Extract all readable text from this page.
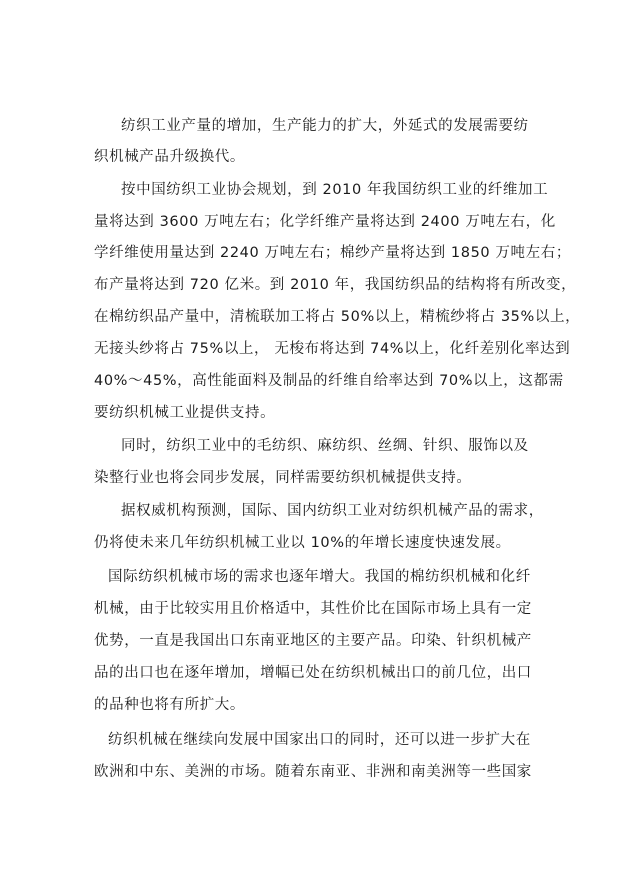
纺织工业产量的增加，生产能力的扩大，外延式的发展需要纺
织机械产品升级换代。
按中国纺织工业协会规划，到 2010 年我国纺织工业的纤维加工
量将达到 3600 万吨左右；化学纤维产量将达到 2400 万吨左右，化
学纤维使用量达到 2240 万吨左右；棉纱产量将达到 1850 万吨左右；
布产量将达到 720 亿米。到 2010 年，我国纺织品的结构将有所改变，
在棉纺织品产量中，清梳联加工将占 50%以上，精梳纱将占 35%以上，
无接头纱将占 75%以上， 无梭布将达到 74%以上，化纤差别化率达到
40%～45%，高性能面料及制品的纤维自给率达到 70%以上，这都需
要纺织机械工业提供支持。
同时，纺织工业中的毛纺织、麻纺织、丝绸、针织、服饰以及
染整行业也将会同步发展，同样需要纺织机械提供支持。
据权威机构预测，国际、国内纺织工业对纺织机械产品的需求，
仍将使未来几年纺织机械工业以 10%的年增长速度快速发展。
国际纺织机械市场的需求也逐年增大。我国的棉纺织机械和化纤
机械，由于比较实用且价格适中，其性价比在国际市场上具有一定
优势，一直是我国出口东南亚地区的主要产品。印染、针织机械产
品的出口也在逐年增加，增幅已处在纺织机械出口的前几位，出口
的品种也将有所扩大。
纺织机械在继续向发展中国家出口的同时，还可以进一步扩大在
欧洲和中东、美洲的市场。随着东南亚、非洲和南美洲等一些国家
